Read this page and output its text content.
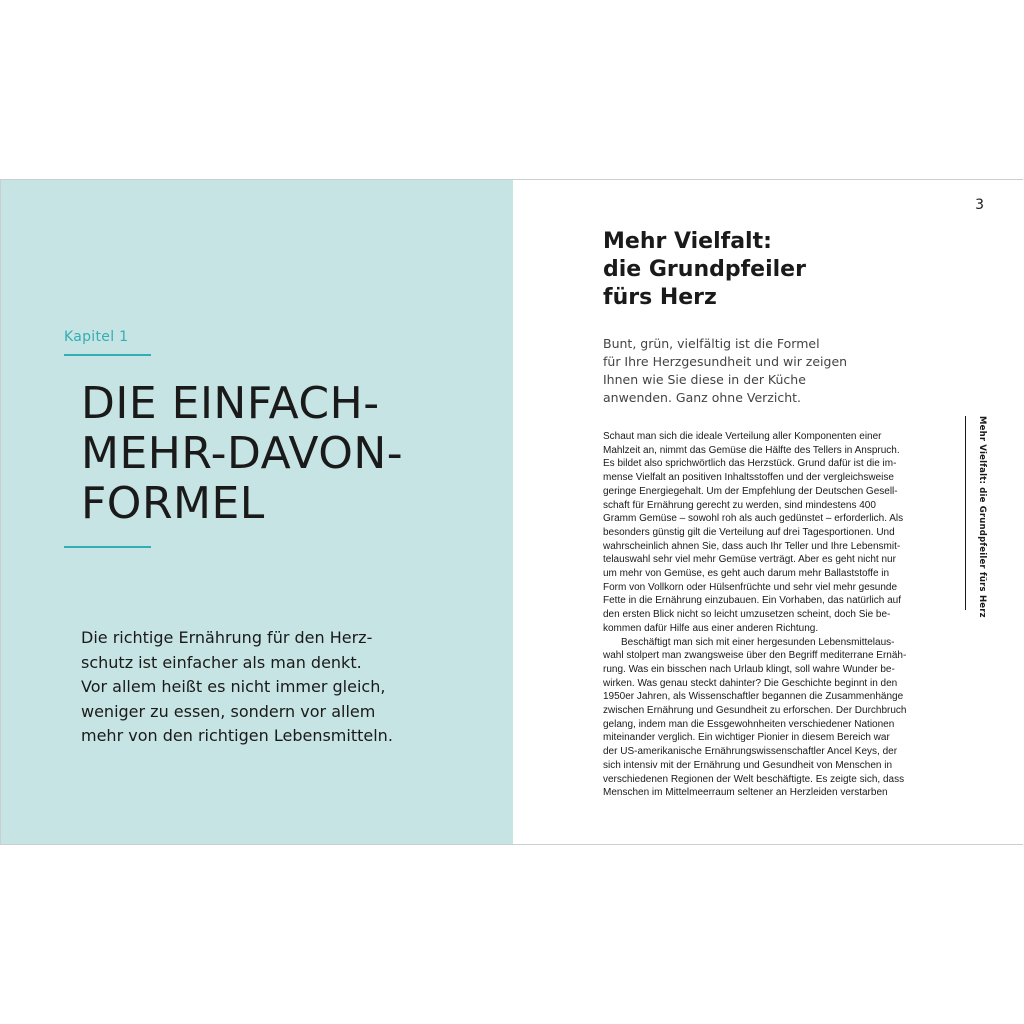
Kapitel 1
DIE EINFACH-
MEHR-DAVON-
FORMEL
Die richtige Ernährung für den Herz-
schutz ist einfacher als man denkt.
Vor allem heißt es nicht immer gleich,
weniger zu essen, sondern vor allem
mehr von den richtigen Lebensmitteln.
3
Mehr Vielfalt:
die Grundpfeiler
fürs Herz
Bunt, grün, vielfältig ist die Formel
für Ihre Herzgesundheit und wir zeigen
Ihnen wie Sie diese in der Küche
anwenden. Ganz ohne Verzicht.
Schaut man sich die ideale Verteilung aller Komponenten einer
Mahlzeit an, nimmt das Gemüse die Hälfte des Tellers in Anspruch.
Es bildet also sprichwörtlich das Herzstück. Grund dafür ist die im-
mense Vielfalt an positiven Inhaltsstoffen und der vergleichsweise
geringe Energiegehalt. Um der Empfehlung der Deutschen Gesell-
schaft für Ernährung gerecht zu werden, sind mindestens 400
Gramm Gemüse – sowohl roh als auch gedünstet – erforderlich. Als
besonders günstig gilt die Verteilung auf drei Tagesportionen. Und
wahrscheinlich ahnen Sie, dass auch Ihr Teller und Ihre Lebensmit-
telauswahl sehr viel mehr Gemüse verträgt. Aber es geht nicht nur
um mehr von Gemüse, es geht auch darum mehr Ballaststoffe in
Form von Vollkorn oder Hülsenfrüchte und sehr viel mehr gesunde
Fette in die Ernährung einzubauen. Ein Vorhaben, das natürlich auf
den ersten Blick nicht so leicht umzusetzen scheint, doch Sie be-
kommen dafür Hilfe aus einer anderen Richtung.
Beschäftigt man sich mit einer hergesunden Lebensmittelaus-
wahl stolpert man zwangsweise über den Begriff mediterrane Ernäh-
rung. Was ein bisschen nach Urlaub klingt, soll wahre Wunder be-
wirken. Was genau steckt dahinter? Die Geschichte beginnt in den
1950er Jahren, als Wissenschaftler begannen die Zusammenhänge
zwischen Ernährung und Gesundheit zu erforschen. Der Durchbruch
gelang, indem man die Essgewohnheiten verschiedener Nationen
miteinander verglich. Ein wichtiger Pionier in diesem Bereich war
der US-amerikanische Ernährungswissenschaftler Ancel Keys, der
sich intensiv mit der Ernährung und Gesundheit von Menschen in
verschiedenen Regionen der Welt beschäftigte. Es zeigte sich, dass
Menschen im Mittelmeerraum seltener an Herzleiden verstarben
Mehr Vielfalt: die Grundpfeiler fürs Herz
